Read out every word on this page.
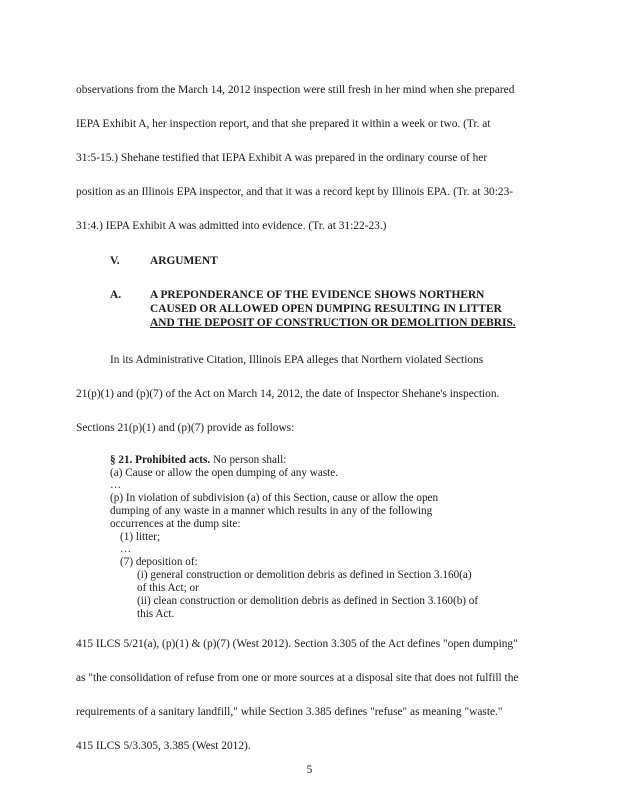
observations from the March 14, 2012 inspection were still fresh in her mind when she prepared
IEPA Exhibit A, her inspection report, and that she prepared it within a week or two. (Tr. at
31:5-15.) Shehane testified that IEPA Exhibit A was prepared in the ordinary course of her
position as an Illinois EPA inspector, and that it was a record kept by Illinois EPA. (Tr. at 30:23-
31:4.) IEPA Exhibit A was admitted into evidence. (Tr. at 31:22-23.)
V.	ARGUMENT
A.	A PREPONDERANCE OF THE EVIDENCE SHOWS NORTHERN
CAUSED OR ALLOWED OPEN DUMPING RESULTING IN LITTER
AND THE DEPOSIT OF CONSTRUCTION OR DEMOLITION DEBRIS.
In its Administrative Citation, Illinois EPA alleges that Northern violated Sections
21(p)(1) and (p)(7) of the Act on March 14, 2012, the date of Inspector Shehane's inspection.
Sections 21(p)(1) and (p)(7) provide as follows:
§ 21. Prohibited acts. No person shall:
(a) Cause or allow the open dumping of any waste.
…
(p) In violation of subdivision (a) of this Section, cause or allow the open
dumping of any waste in a manner which results in any of the following
occurrences at the dump site:
(1) litter;
…
(7) deposition of:
(i) general construction or demolition debris as defined in Section 3.160(a)
of this Act; or
(ii) clean construction or demolition debris as defined in Section 3.160(b) of
this Act.
415 ILCS 5/21(a), (p)(1) & (p)(7) (West 2012). Section 3.305 of the Act defines "open dumping"
as "the consolidation of refuse from one or more sources at a disposal site that does not fulfill the
requirements of a sanitary landfill," while Section 3.385 defines "refuse" as meaning "waste."
415 ILCS 5/3.305, 3.385 (West 2012).
5
